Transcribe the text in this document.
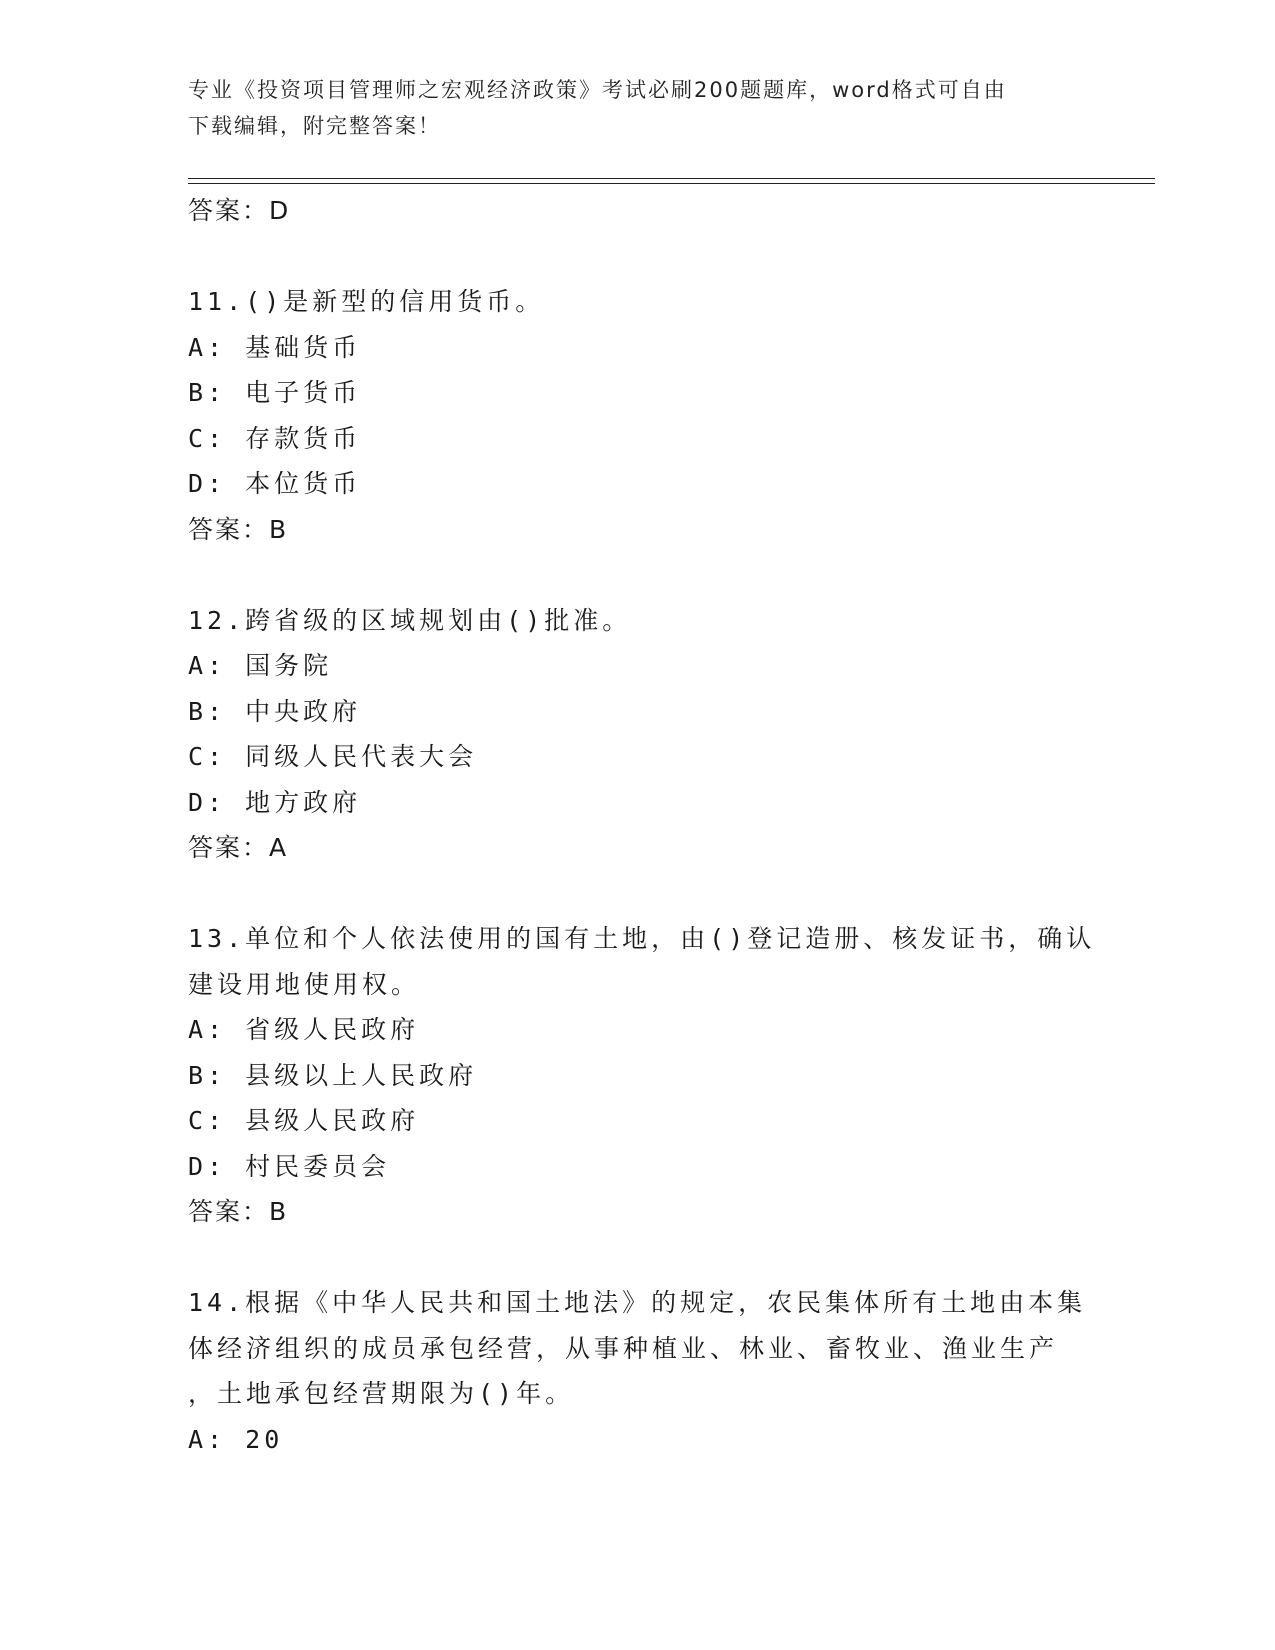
专业《投资项目管理师之宏观经济政策》考试必刷200题题库，word格式可自由
下载编辑，附完整答案！
答案：D
11.()是新型的信用货币。
A: 基础货币
B: 电子货币
C: 存款货币
D: 本位货币
答案：B
12.跨省级的区域规划由()批准。
A: 国务院
B: 中央政府
C: 同级人民代表大会
D: 地方政府
答案：A
13.单位和个人依法使用的国有土地，由()登记造册、核发证书，确认
建设用地使用权。
A: 省级人民政府
B: 县级以上人民政府
C: 县级人民政府
D: 村民委员会
答案：B
14.根据《中华人民共和国土地法》的规定，农民集体所有土地由本集
体经济组织的成员承包经营，从事种植业、林业、畜牧业、渔业生产
，土地承包经营期限为()年。
A: 20
